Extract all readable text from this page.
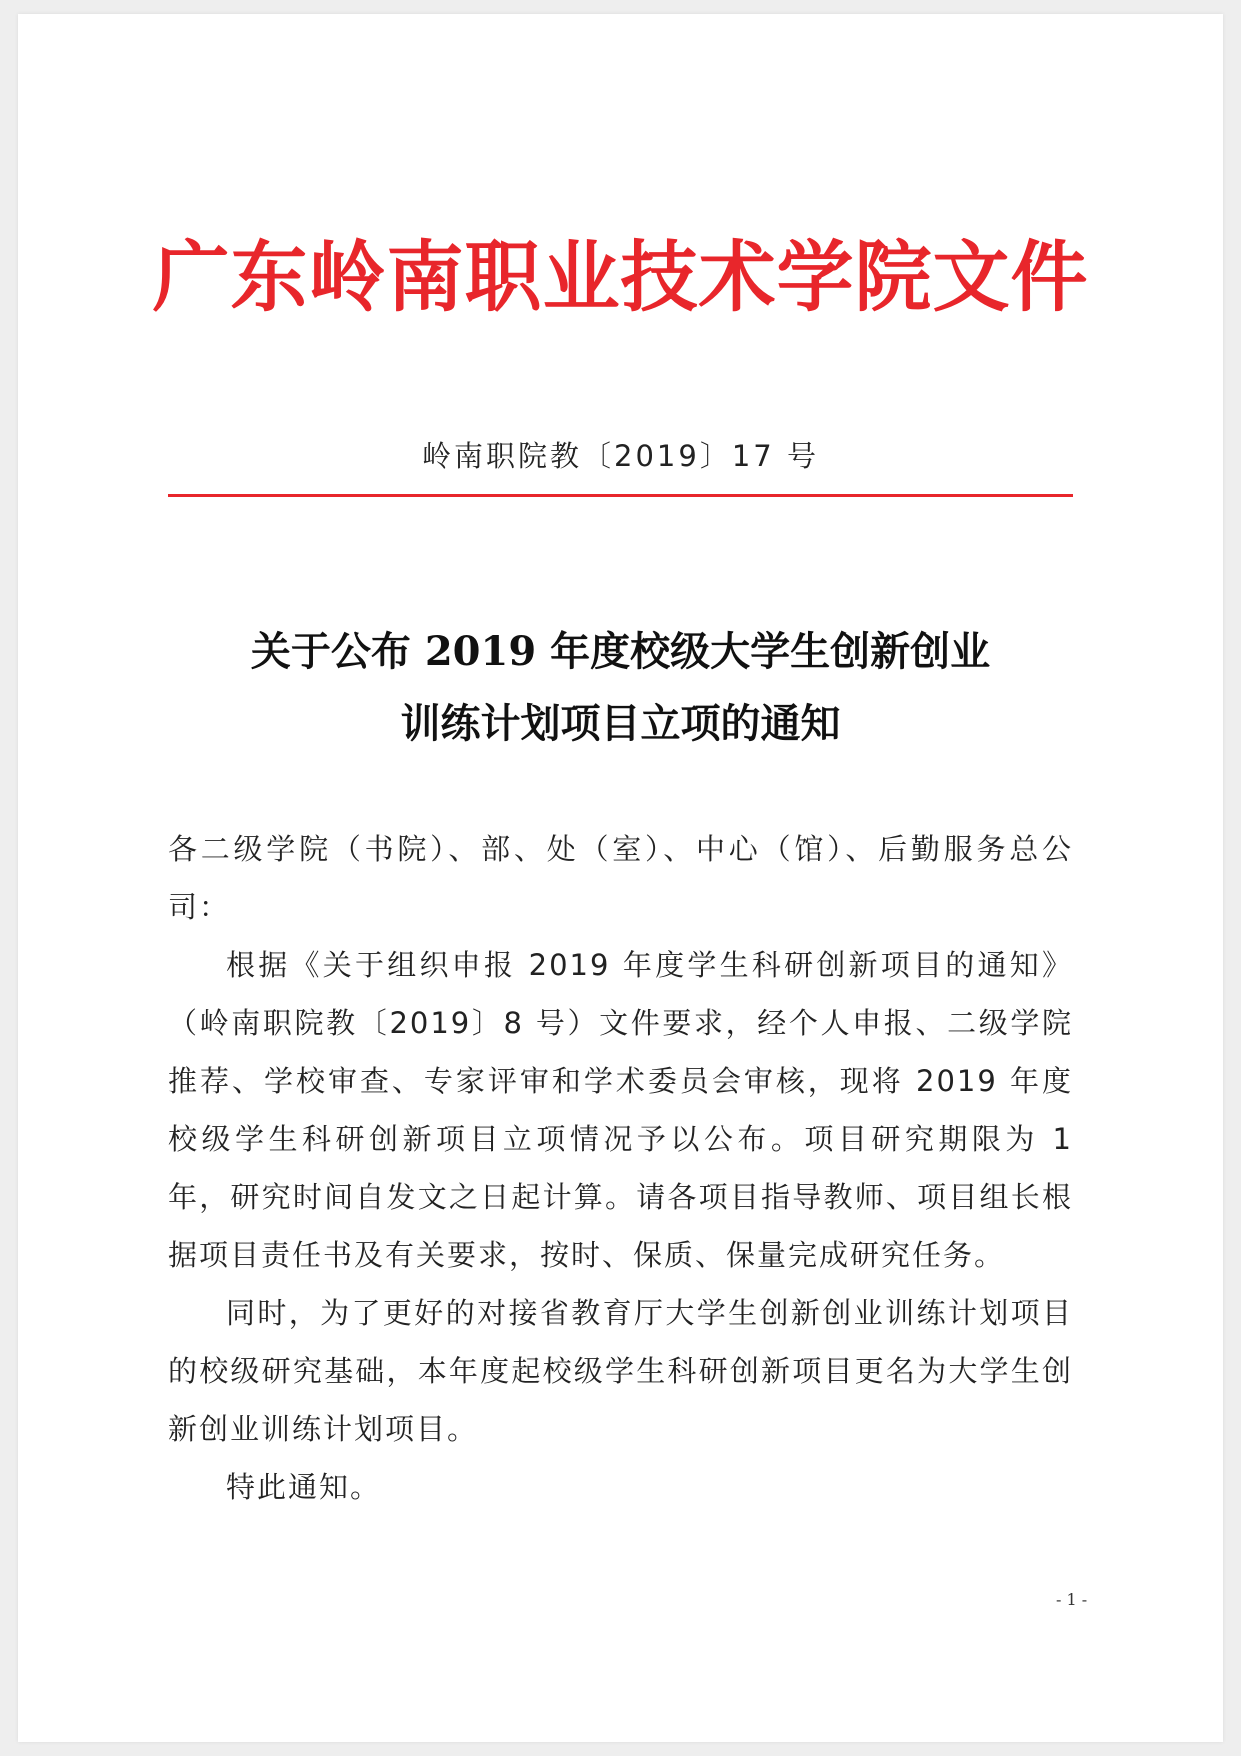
广东岭南职业技术学院文件
岭南职院教〔2019〕17 号
关于公布 2019 年度校级大学生创新创业
训练计划项目立项的通知

各二级学院（书院）、部、处（室）、中心（馆）、后勤服务总公司：

根据《关于组织申报 2019 年度学生科研创新项目的通知》（岭南职院教〔2019〕8 号）文件要求，经个人申报、二级学院推荐、学校审查、专家评审和学术委员会审核，现将 2019 年度校级学生科研创新项目立项情况予以公布。项目研究期限为 1 年，研究时间自发文之日起计算。请各项目指导教师、项目组长根据项目责任书及有关要求，按时、保质、保量完成研究任务。

同时，为了更好的对接省教育厅大学生创新创业训练计划项目的校级研究基础，本年度起校级学生科研创新项目更名为大学生创新创业训练计划项目。

特此通知。

- 1 -
